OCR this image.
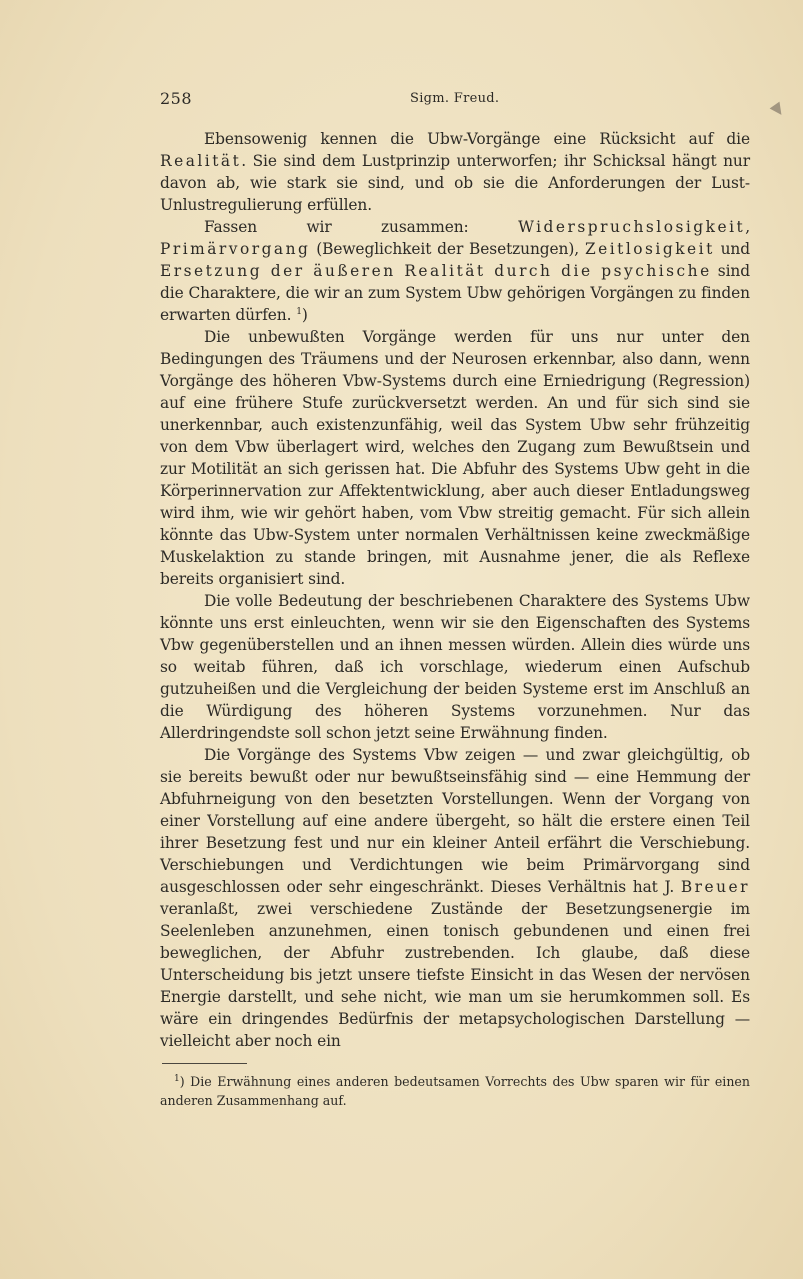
258	Sigm. Freud.

Ebensowenig kennen die Ubw-Vorgänge eine Rücksicht auf die Realität. Sie sind dem Lustprinzip unterworfen; ihr Schicksal hängt nur davon ab, wie stark sie sind, und ob sie die Anforderungen der Lust-Unlustregulierung erfüllen.

Fassen wir zusammen: Widerspruchslosigkeit, Primärvorgang (Beweglichkeit der Besetzungen), Zeitlosigkeit und Ersetzung der äußeren Realität durch die psychische sind die Charaktere, die wir an zum System Ubw gehörigen Vorgängen zu finden erwarten dürfen. $^1$)

Die unbewußten Vorgänge werden für uns nur unter den Bedingungen des Träumens und der Neurosen erkennbar, also dann, wenn Vorgänge des höheren Vbw-Systems durch eine Erniedrigung (Regression) auf eine frühere Stufe zurückversetzt werden. An und für sich sind sie unerkennbar, auch existenzunfähig, weil das System Ubw sehr frühzeitig von dem Vbw überlagert wird, welches den Zugang zum Bewußtsein und zur Motilität an sich gerissen hat. Die Abfuhr des Systems Ubw geht in die Körperinnervation zur Affektentwicklung, aber auch dieser Entladungsweg wird ihm, wie wir gehört haben, vom Vbw streitig gemacht. Für sich allein könnte das Ubw-System unter normalen Verhältnissen keine zweckmäßige Muskelaktion zu stande bringen, mit Ausnahme jener, die als Reflexe bereits organisiert sind.

Die volle Bedeutung der beschriebenen Charaktere des Systems Ubw könnte uns erst einleuchten, wenn wir sie den Eigenschaften des Systems Vbw gegenüberstellen und an ihnen messen würden. Allein dies würde uns so weitab führen, daß ich vorschlage, wiederum einen Aufschub gutzuheißen und die Vergleichung der beiden Systeme erst im Anschluß an die Würdigung des höheren Systems vorzunehmen. Nur das Allerdringendste soll schon jetzt seine Erwähnung finden.

Die Vorgänge des Systems Vbw zeigen — und zwar gleichgültig, ob sie bereits bewußt oder nur bewußtseinsfähig sind — eine Hemmung der Abfuhrneigung von den besetzten Vorstellungen. Wenn der Vorgang von einer Vorstellung auf eine andere übergeht, so hält die erstere einen Teil ihrer Besetzung fest und nur ein kleiner Anteil erfährt die Verschiebung. Verschiebungen und Verdichtungen wie beim Primärvorgang sind ausgeschlossen oder sehr eingeschränkt. Dieses Verhältnis hat J. Breuer veranlaßt, zwei verschiedene Zustände der Besetzungsenergie im Seelenleben anzunehmen, einen tonisch gebundenen und einen frei beweglichen, der Abfuhr zustrebenden. Ich glaube, daß diese Unterscheidung bis jetzt unsere tiefste Einsicht in das Wesen der nervösen Energie darstellt, und sehe nicht, wie man um sie herumkommen soll. Es wäre ein dringendes Bedürfnis der metapsychologischen Darstellung — vielleicht aber noch ein

$^1$) Die Erwähnung eines anderen bedeutsamen Vorrechts des Ubw sparen wir für einen anderen Zusammenhang auf.
